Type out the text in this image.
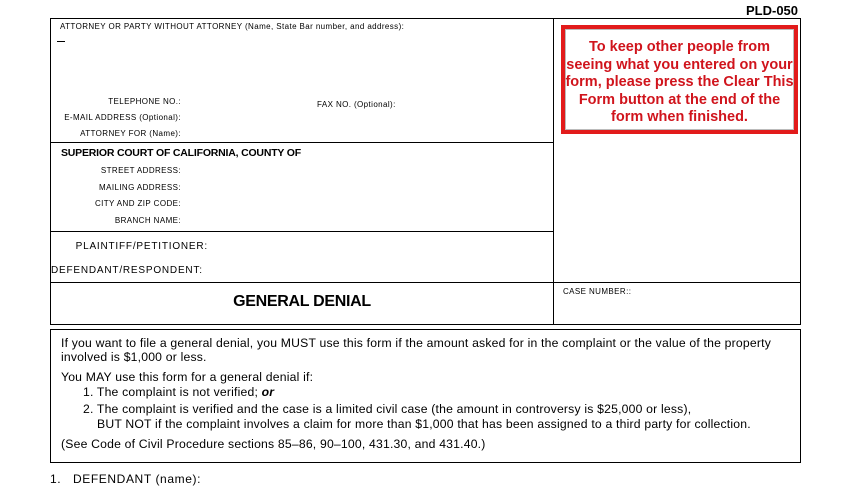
PLD-050
ATTORNEY OR PARTY WITHOUT ATTORNEY (Name, State Bar number, and address):
TELEPHONE NO.:	FAX NO. (Optional):
E-MAIL ADDRESS (Optional):
ATTORNEY FOR (Name):

To keep other people from seeing what you entered on your form, please press the Clear This Form button at the end of the form when finished.

SUPERIOR COURT OF CALIFORNIA, COUNTY OF
STREET ADDRESS:
MAILING ADDRESS:
CITY AND ZIP CODE:
BRANCH NAME:
PLAINTIFF/PETITIONER:
DEFENDANT/RESPONDENT:
GENERAL DENIAL
CASE NUMBER::
If you want to file a general denial, you MUST use this form if the amount asked for in the complaint or the value of the property
involved is $1,000 or less.
You MAY use this form for a general denial if:
1. The complaint is not verified; or
2. The complaint is verified and the case is a limited civil case (the amount in controversy is $25,000 or less),
BUT NOT if the complaint involves a claim for more than $1,000 that has been assigned to a third party for collection.
(See Code of Civil Procedure sections 85–86, 90–100, 431.30, and 431.40.)
1.   DEFENDANT (name):
